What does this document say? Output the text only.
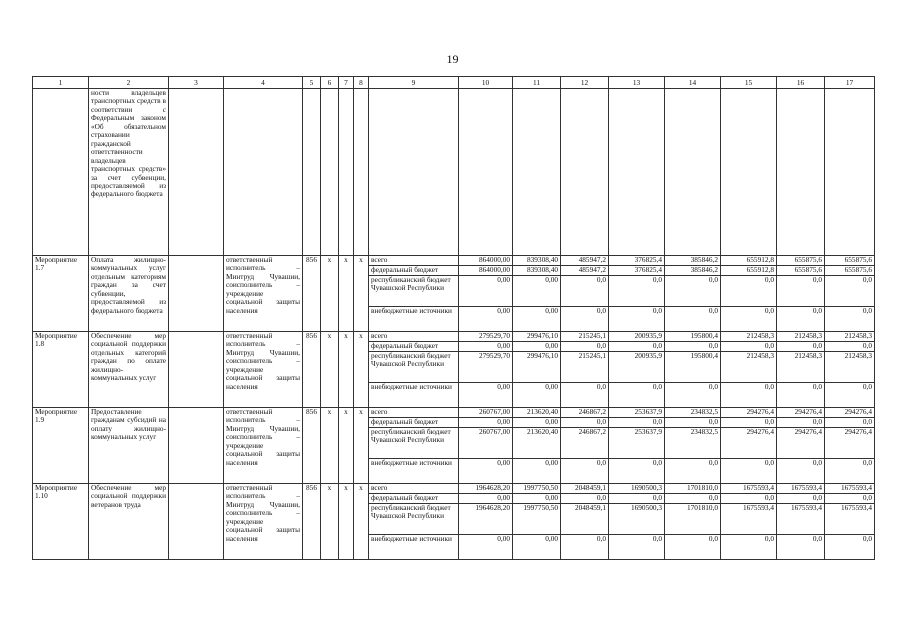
19
1	2	3	4	5	6	7	8	9	10	11	12	13	14	15	16	17
	ности владельцев транспортных средств в соответствии с Федеральным законом «Об обязательном страховании гражданской ответственности владельцев транспортных средств» за счет субвенции, предоставляемой из федерального бюджета															
Мероприятие 1.7	Оплата жилищно-коммунальных услуг отдельным категориям граждан за счет субвенции, предоставляемой из федерального бюджета		ответственный исполнитель – Минтруд Чувашии, соисполнитель – учреждение социальной защиты населения	856	x	x	x	всего	864000,00	839308,40	485947,2	376825,4	385846,2	655912,8	655875,6	655875,6
								федеральный бюджет	864000,00	839308,40	485947,2	376825,4	385846,2	655912,8	655875,6	655875,6
								республиканский бюджет Чувашской Республики	0,00	0,00	0,0	0,0	0,0	0,0	0,0	0,0
								внебюджетные источники	0,00	0,00	0,0	0,0	0,0	0,0	0,0	0,0
Мероприятие 1.8	Обеспечение мер социальной поддержки отдельных категорий граждан по оплате жилищно-коммунальных услуг		ответственный исполнитель – Минтруд Чувашии, соисполнитель – учреждение социальной защиты населения	856	x	x	x	всего	279529,70	299476,10	215245,1	200935,9	195800,4	212458,3	212458,3	212458,3
								федеральный бюджет	0,00	0,00	0,0	0,0	0,0	0,0	0,0	0,0
								республиканский бюджет Чувашской Республики	279529,70	299476,10	215245,1	200935,9	195800,4	212458,3	212458,3	212458,3
								внебюджетные источники	0,00	0,00	0,0	0,0	0,0	0,0	0,0	0,0
Мероприятие 1.9	Предоставление гражданам субсидий на оплату жилищно-коммунальных услуг		ответственный исполнитель – Минтруд Чувашии, соисполнитель – учреждение социальной защиты населения	856	x	x	x	всего	260767,00	213620,40	246867,2	253637,9	234832,5	294276,4	294276,4	294276,4
								федеральный бюджет	0,00	0,00	0,0	0,0	0,0	0,0	0,0	0,0
								республиканский бюджет Чувашской Республики	260767,00	213620,40	246867,2	253637,9	234832,5	294276,4	294276,4	294276,4
								внебюджетные источники	0,00	0,00	0,0	0,0	0,0	0,0	0,0	0,0
Мероприятие 1.10	Обеспечение мер социальной поддержки ветеранов труда		ответственный исполнитель – Минтруд Чувашии, соисполнитель – учреждение социальной защиты населения	856	x	x	x	всего	1964628,20	1997750,50	2048459,1	1690500,3	1701810,0	1675593,4	1675593,4	1675593,4
								федеральный бюджет	0,00	0,00	0,0	0,0	0,0	0,0	0,0	0,0
								республиканский бюджет Чувашской Республики	1964628,20	1997750,50	2048459,1	1690500,3	1701810,0	1675593,4	1675593,4	1675593,4
								внебюджетные источники	0,00	0,00	0,0	0,0	0,0	0,0	0,0	0,0
